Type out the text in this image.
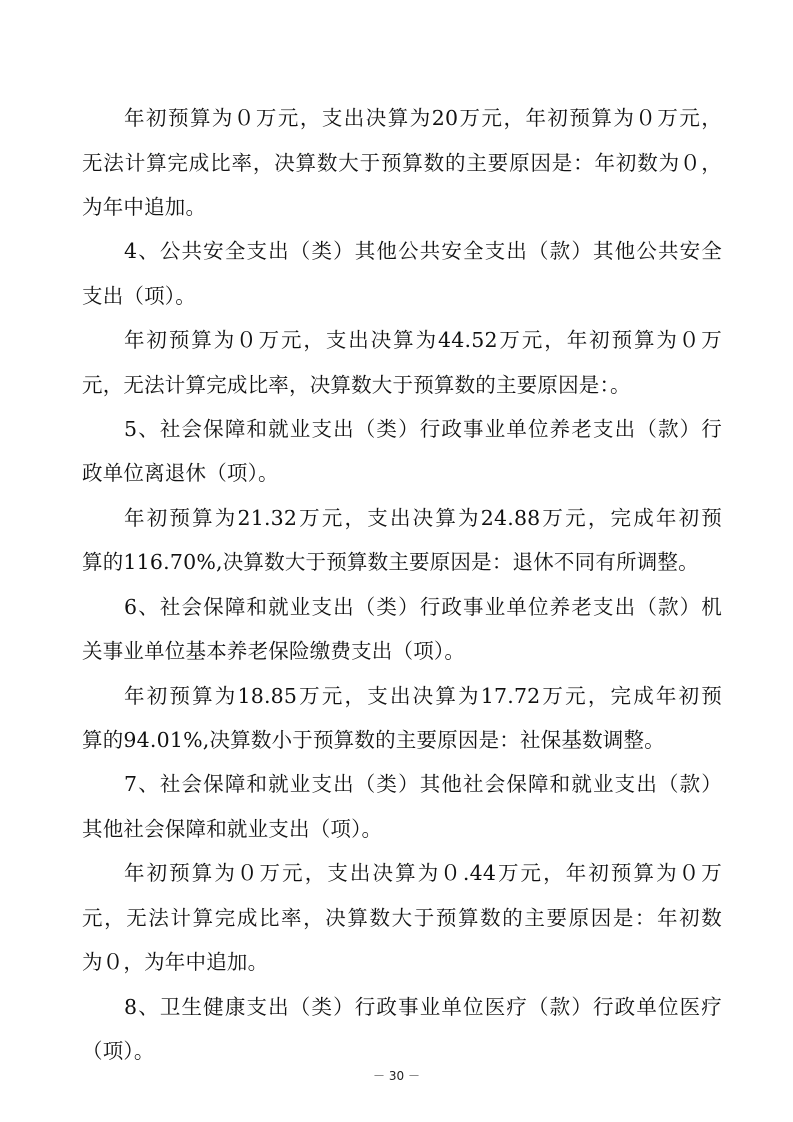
年初预算为０万元，支出决算为20万元，年初预算为０万元，
无法计算完成比率，决算数大于预算数的主要原因是：年初数为０，
为年中追加。
4、公共安全支出（类）其他公共安全支出（款）其他公共安全
支出（项）。
年初预算为０万元，支出决算为44.52万元，年初预算为０万
元，无法计算完成比率，决算数大于预算数的主要原因是：。
5、社会保障和就业支出（类）行政事业单位养老支出（款）行
政单位离退休（项）。
年初预算为21.32万元，支出决算为24.88万元，完成年初预
算的116.70%,决算数大于预算数主要原因是：退休不同有所调整。
6、社会保障和就业支出（类）行政事业单位养老支出（款）机
关事业单位基本养老保险缴费支出（项）。
年初预算为18.85万元，支出决算为17.72万元，完成年初预
算的94.01%,决算数小于预算数的主要原因是：社保基数调整。
7、社会保障和就业支出（类）其他社会保障和就业支出（款）
其他社会保障和就业支出（项）。
年初预算为０万元，支出决算为０.44万元，年初预算为０万
元，无法计算完成比率，决算数大于预算数的主要原因是：年初数
为０，为年中追加。
8、卫生健康支出（类）行政事业单位医疗（款）行政单位医疗
（项）。
－ 30 －
